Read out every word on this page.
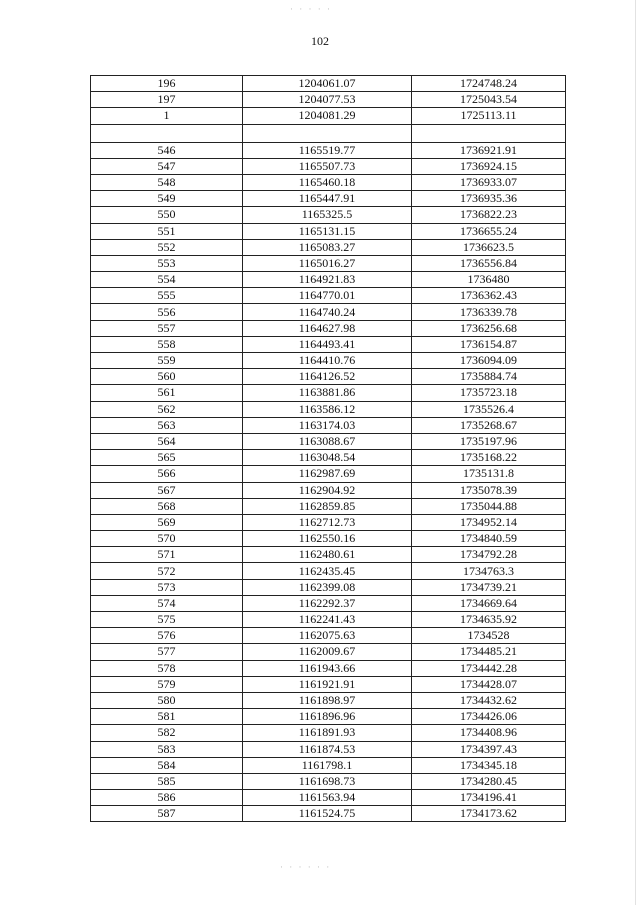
· · · · ·
· · · · · ·
102
196	1204061.07	1724748.24
197	1204077.53	1725043.54
1	1204081.29	1725113.11

546	1165519.77	1736921.91
547	1165507.73	1736924.15
548	1165460.18	1736933.07
549	1165447.91	1736935.36
550	1165325.5	1736822.23
551	1165131.15	1736655.24
552	1165083.27	1736623.5
553	1165016.27	1736556.84
554	1164921.83	1736480
555	1164770.01	1736362.43
556	1164740.24	1736339.78
557	1164627.98	1736256.68
558	1164493.41	1736154.87
559	1164410.76	1736094.09
560	1164126.52	1735884.74
561	1163881.86	1735723.18
562	1163586.12	1735526.4
563	1163174.03	1735268.67
564	1163088.67	1735197.96
565	1163048.54	1735168.22
566	1162987.69	1735131.8
567	1162904.92	1735078.39
568	1162859.85	1735044.88
569	1162712.73	1734952.14
570	1162550.16	1734840.59
571	1162480.61	1734792.28
572	1162435.45	1734763.3
573	1162399.08	1734739.21
574	1162292.37	1734669.64
575	1162241.43	1734635.92
576	1162075.63	1734528
577	1162009.67	1734485.21
578	1161943.66	1734442.28
579	1161921.91	1734428.07
580	1161898.97	1734432.62
581	1161896.96	1734426.06
582	1161891.93	1734408.96
583	1161874.53	1734397.43
584	1161798.1	1734345.18
585	1161698.73	1734280.45
586	1161563.94	1734196.41
587	1161524.75	1734173.62
